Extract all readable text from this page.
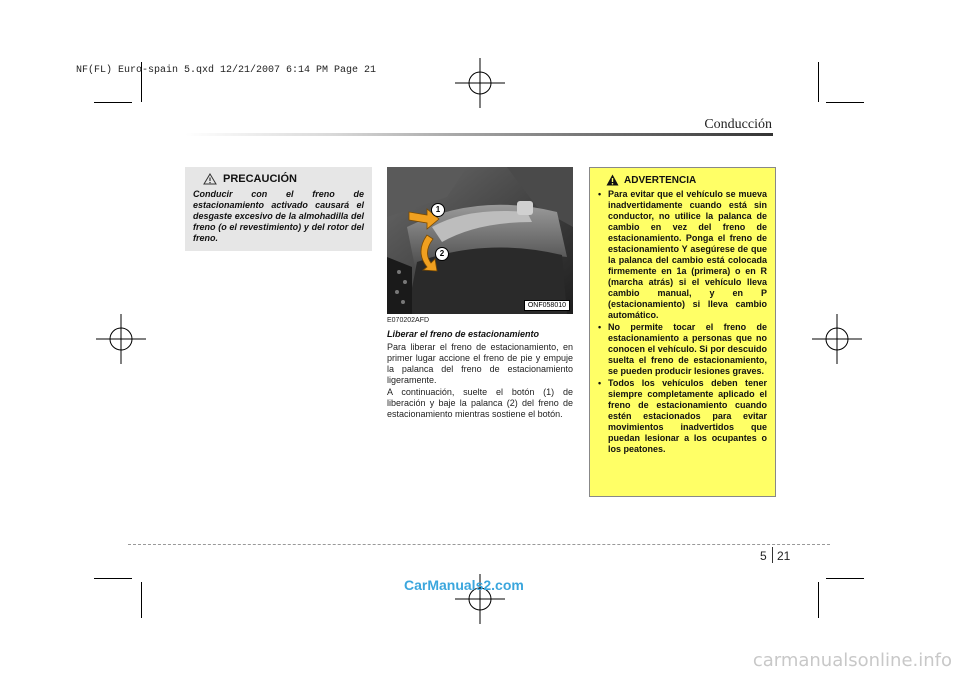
NF(FL) Euro-spain 5.qxd 12/21/2007 6:14 PM Page 21
Conducción
PRECAUCIÓN
Conducir con el freno de estacionamiento activado causará el desgaste excesivo de la almohadilla del freno (o el revestimiento) y del rotor del freno.
1
2
ONF058010
E070202AFD
Liberar el freno de estacionamiento
Para liberar el freno de estacionamiento, en primer lugar accione el freno de pie y empuje la palanca del freno de estacionamiento ligeramente.
A continuación, suelte el botón (1) de liberación y baje la palanca (2) del freno de estacionamiento mientras sostiene el botón.
ADVERTENCIA
• Para evitar que el vehículo se mueva inadvertidamente cuando está sin conductor, no utilice la palanca de cambio en vez del freno de estacionamiento. Ponga el freno de estacionamiento Y asegúrese de que la palanca del cambio está colocada firmemente en 1a (primera) o en R (marcha atrás) si el vehículo lleva cambio manual, y en P (estacionamiento) si lleva cambio automático.
• No permite tocar el freno de estacionamiento a personas que no conocen el vehículo. Si por descuido suelta el freno de estacionamiento, se pueden producir lesiones graves.
• Todos los vehículos deben tener siempre completamente aplicado el freno de estacionamiento cuando estén estacionados para evitar movimientos inadvertidos que puedan lesionar a los ocupantes o los peatones.
5 21
CarManuals2.com
carmanualsonline.info
